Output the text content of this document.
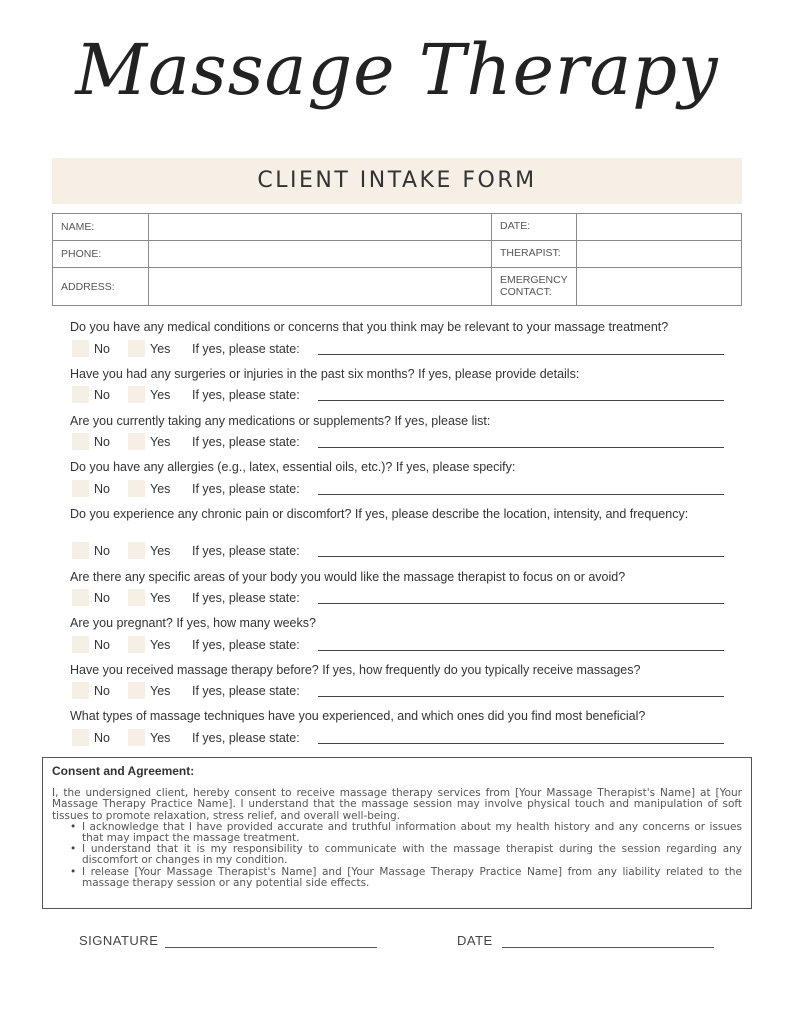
Massage Therapy
CLIENT INTAKE FORM
NAME:		DATE:	
PHONE:		THERAPIST:	
ADDRESS:		EMERGENCY
CONTACT:	
Do you have any medical conditions or concerns that you think may be relevant to your massage treatment?
No	Yes If yes, please state:
Have you had any surgeries or injuries in the past six months? If yes, please provide details:
No	Yes If yes, please state:
Are you currently taking any medications or supplements? If yes, please list:
No	Yes If yes, please state:
Do you have any allergies (e.g., latex, essential oils, etc.)? If yes, please specify:
No	Yes If yes, please state:
Do you experience any chronic pain or discomfort? If yes, please describe the location, intensity, and frequency:
No	Yes If yes, please state:
Are there any specific areas of your body you would like the massage therapist to focus on or avoid?
No	Yes If yes, please state:
Are you pregnant? If yes, how many weeks?
No	Yes If yes, please state:
Have you received massage therapy before? If yes, how frequently do you typically receive massages?
No	Yes If yes, please state:
What types of massage techniques have you experienced, and which ones did you find most beneficial?
No	Yes If yes, please state:
Consent and Agreement:

I, the undersigned client, hereby consent to receive massage therapy services from [Your Massage Therapist's Name] at [Your Massage Therapy Practice Name]. I understand that the massage session may involve physical touch and manipulation of soft tissues to promote relaxation, stress relief, and overall well-being.

• I acknowledge that I have provided accurate and truthful information about my health history and any concerns or issues that may impact the massage treatment.
• I understand that it is my responsibility to communicate with the massage therapist during the session regarding any discomfort or changes in my condition.
• I release [Your Massage Therapist's Name] and [Your Massage Therapy Practice Name] from any liability related to the massage therapy session or any potential side effects.
SIGNATURE	DATE
